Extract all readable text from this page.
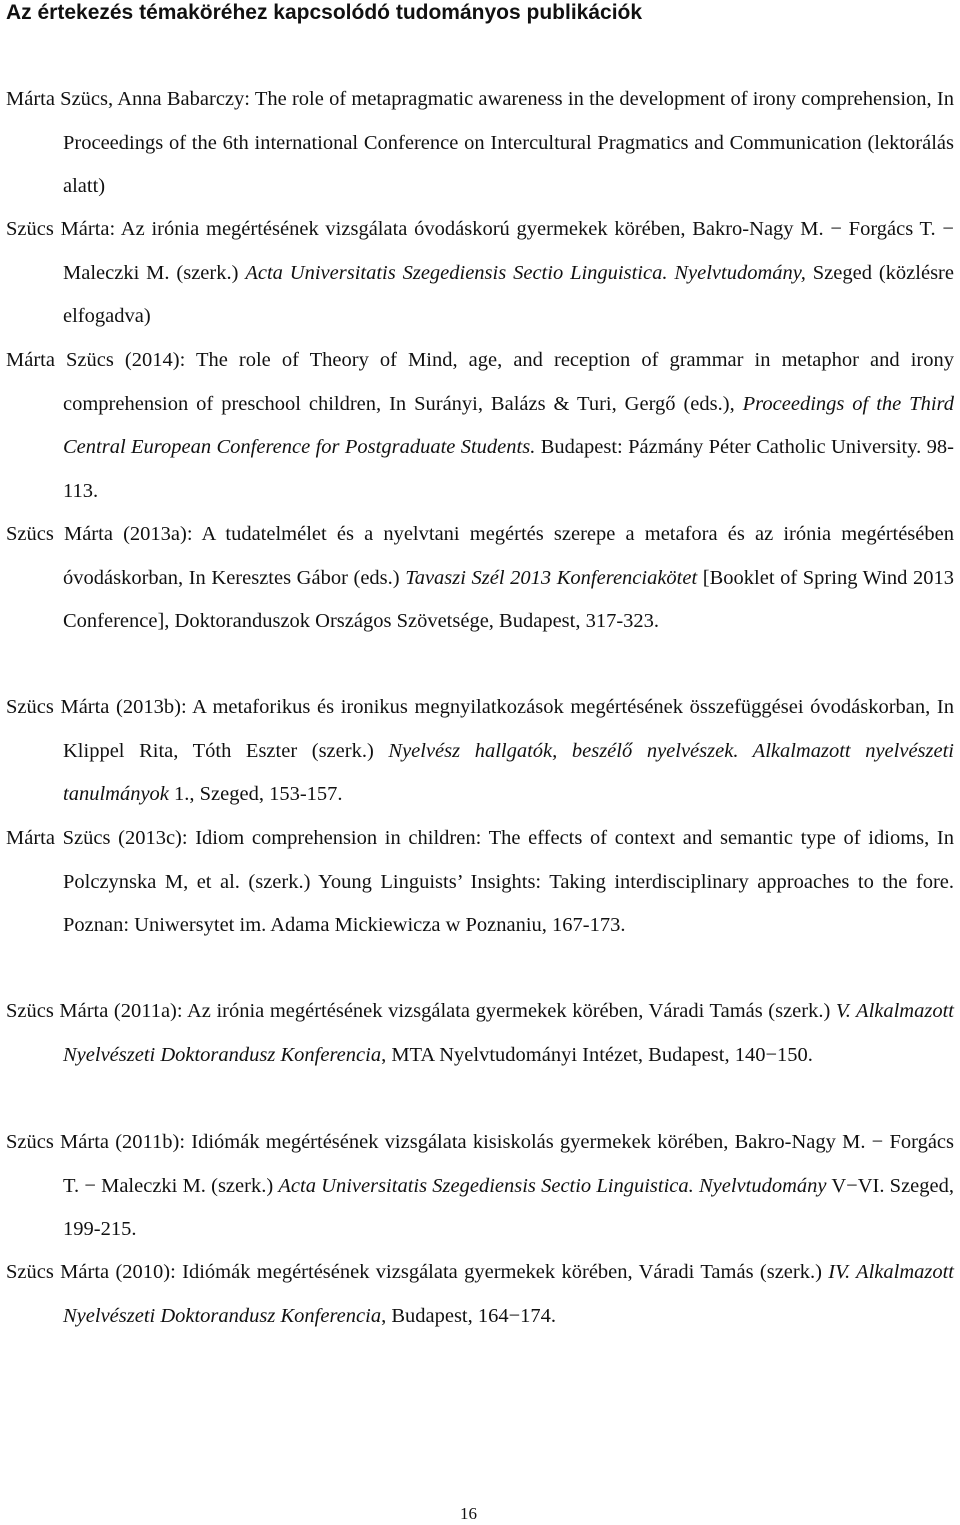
Az értekezés témaköréhez kapcsolódó tudományos publikációk

Márta Szücs, Anna Babarczy: The role of metapragmatic awareness in the development of irony comprehension, In Proceedings of the 6th international Conference on Intercultural Pragmatics and Communication (lektorálás alatt)

Szücs Márta: Az irónia megértésének vizsgálata óvodáskorú gyermekek körében, Bakro-Nagy M. − Forgács T. − Maleczki M. (szerk.) Acta Universitatis Szegediensis Sectio Linguistica. Nyelvtudomány, Szeged (közlésre elfogadva)

Márta Szücs (2014): The role of Theory of Mind, age, and reception of grammar in metaphor and irony comprehension of preschool children, In Surányi, Balázs & Turi, Gergő (eds.), Proceedings of the Third Central European Conference for Postgraduate Students. Budapest: Pázmány Péter Catholic University. 98-113.

Szücs Márta (2013a): A tudatelmélet és a nyelvtani megértés szerepe a metafora és az irónia megértésében óvodáskorban, In Keresztes Gábor (eds.) Tavaszi Szél 2013 Konferenciakötet [Booklet of Spring Wind 2013 Conference], Doktoranduszok Országos Szövetsége, Budapest, 317-323.

Szücs Márta (2013b): A metaforikus és ironikus megnyilatkozások megértésének összefüggései óvodáskorban, In Klippel Rita, Tóth Eszter (szerk.) Nyelvész hallgatók, beszélő nyelvészek. Alkalmazott nyelvészeti tanulmányok 1., Szeged, 153-157.

Márta Szücs (2013c): Idiom comprehension in children: The effects of context and semantic type of idioms, In Polczynska M, et al. (szerk.) Young Linguists’ Insights: Taking interdisciplinary approaches to the fore. Poznan: Uniwersytet im. Adama Mickiewicza w Poznaniu, 167-173.

Szücs Márta (2011a): Az irónia megértésének vizsgálata gyermekek körében, Váradi Tamás (szerk.) V. Alkalmazott Nyelvészeti Doktorandusz Konferencia, MTA Nyelvtudományi Intézet, Budapest, 140−150.

Szücs Márta (2011b): Idiómák megértésének vizsgálata kisiskolás gyermekek körében, Bakro-Nagy M. − Forgács T. − Maleczki M. (szerk.) Acta Universitatis Szegediensis Sectio Linguistica. Nyelvtudomány V−VI. Szeged, 199-215.

Szücs Márta (2010): Idiómák megértésének vizsgálata gyermekek körében, Váradi Tamás (szerk.) IV. Alkalmazott Nyelvészeti Doktorandusz Konferencia, Budapest, 164−174.

16
